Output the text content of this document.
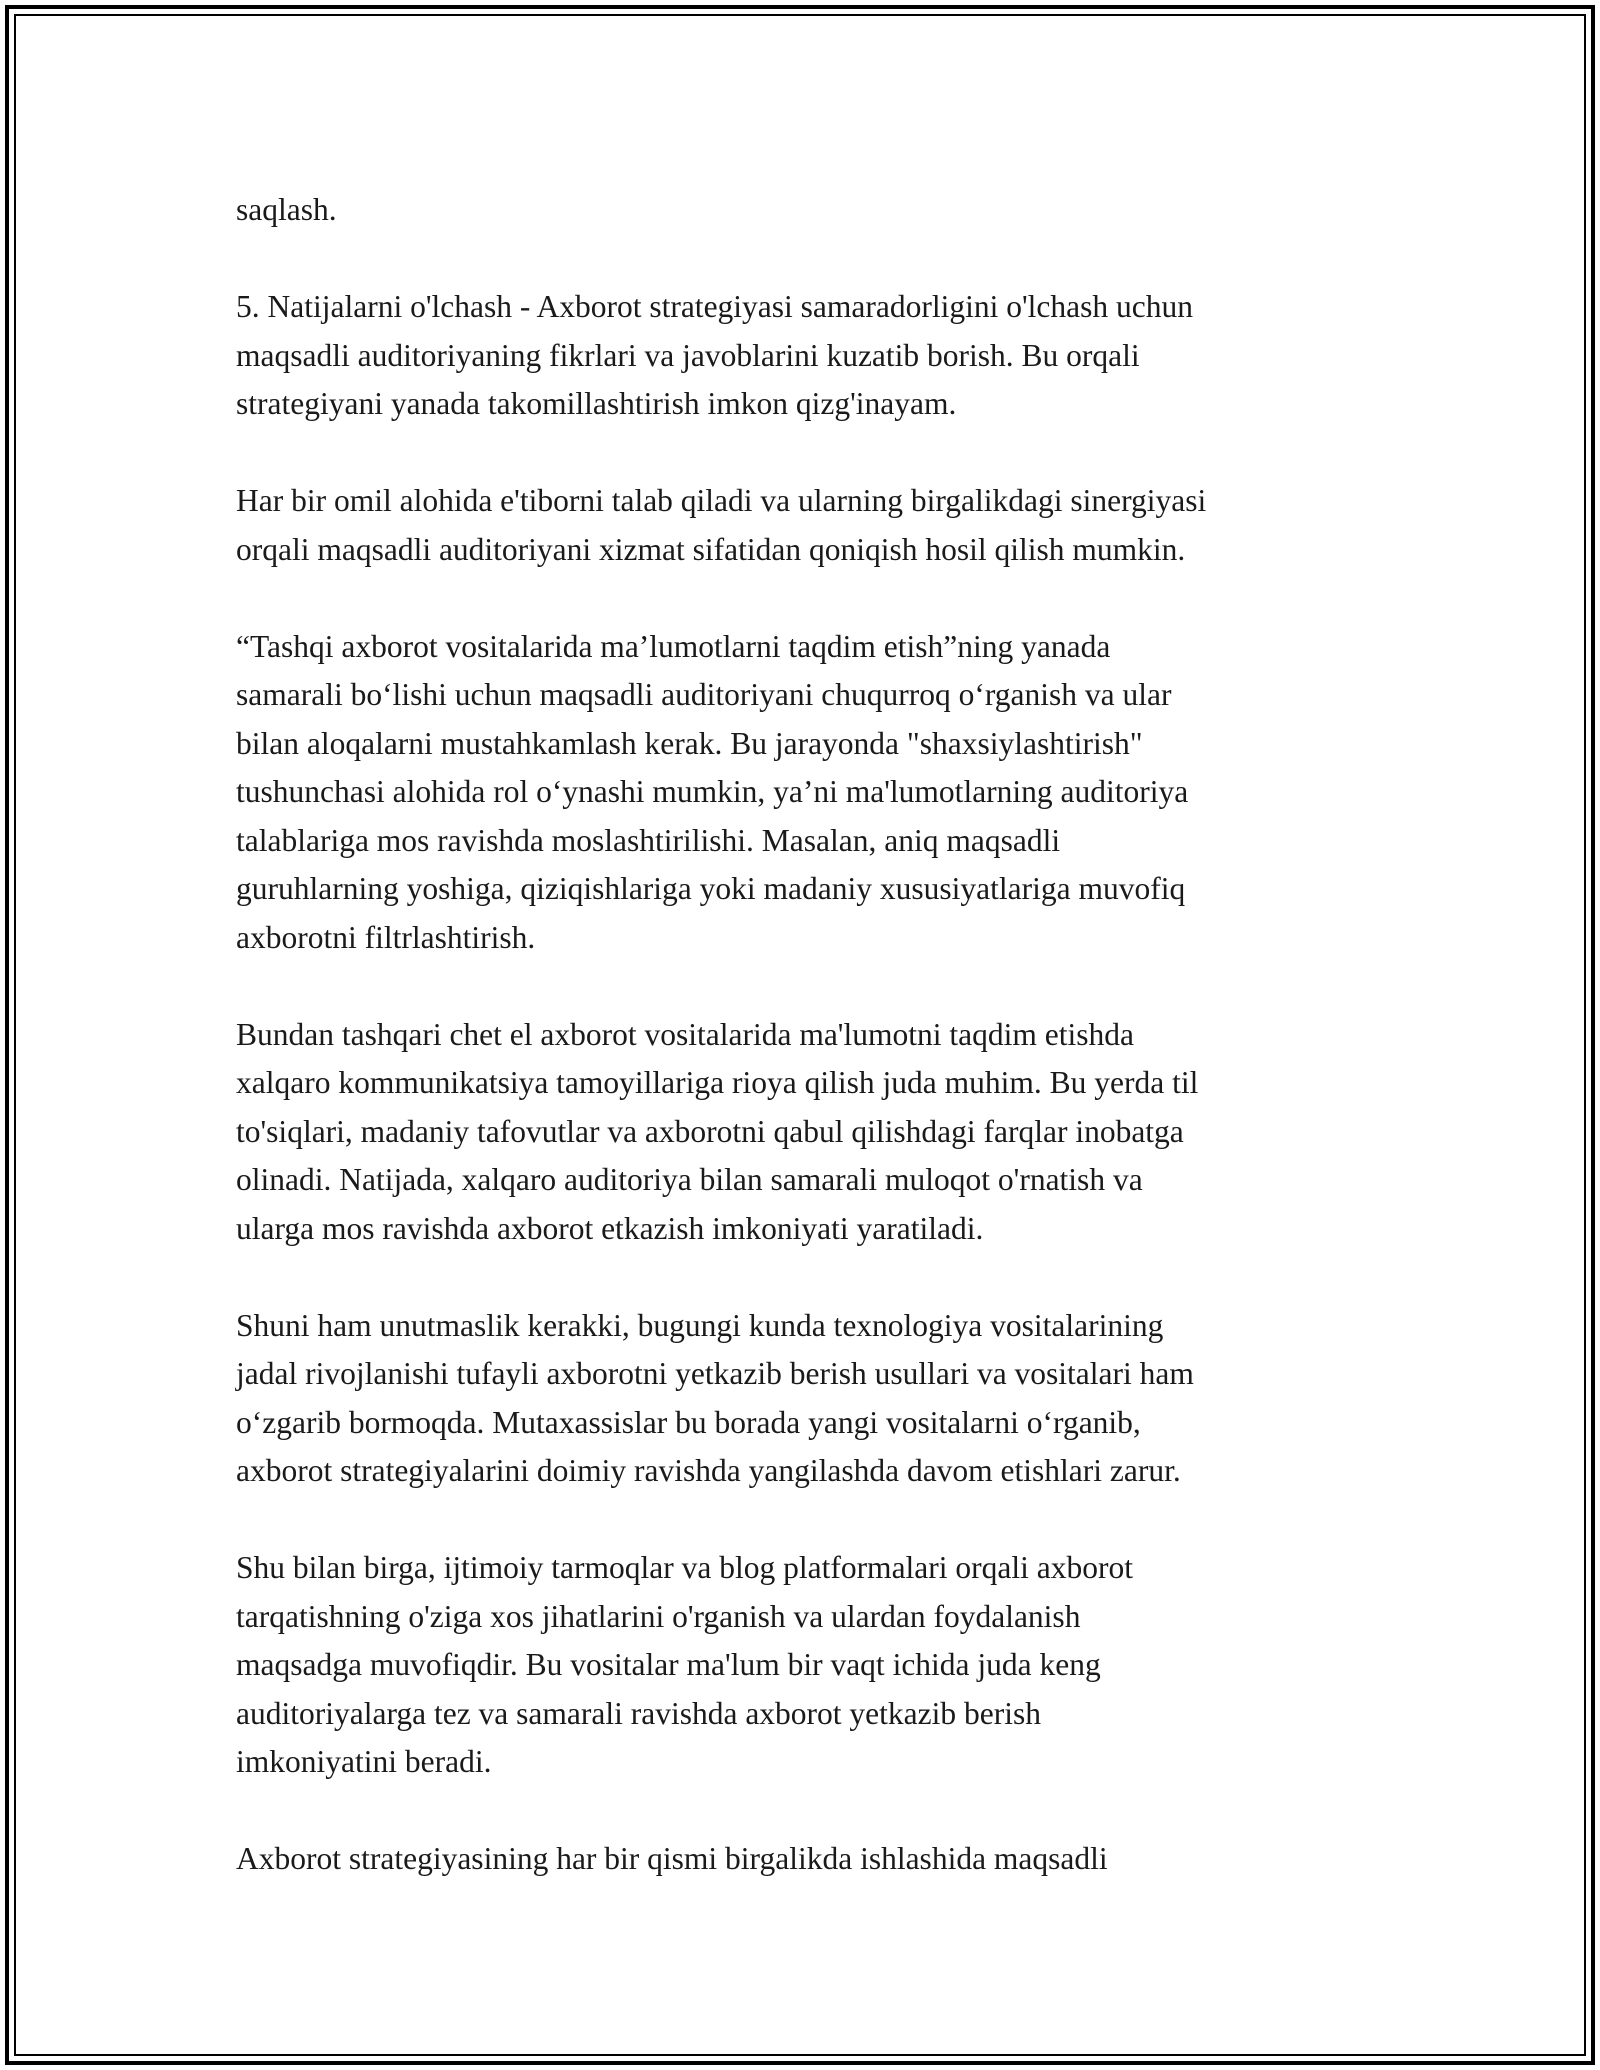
saqlash.

5. Natijalarni o'lchash - Axborot strategiyasi samaradorligini o'lchash uchun
maqsadli auditoriyaning fikrlari va javoblarini kuzatib borish. Bu orqali
strategiyani yanada takomillashtirish imkon qizg'inayam.

Har bir omil alohida e'tiborni talab qiladi va ularning birgalikdagi sinergiyasi
orqali maqsadli auditoriyani xizmat sifatidan qoniqish hosil qilish mumkin.

“Tashqi axborot vositalarida ma’lumotlarni taqdim etish”ning yanada
samarali bo‘lishi uchun maqsadli auditoriyani chuqurroq o‘rganish va ular
bilan aloqalarni mustahkamlash kerak. Bu jarayonda "shaxsiylashtirish"
tushunchasi alohida rol o‘ynashi mumkin, ya’ni ma'lumotlarning auditoriya
talablariga mos ravishda moslashtirilishi. Masalan, aniq maqsadli
guruhlarning yoshiga, qiziqishlariga yoki madaniy xususiyatlariga muvofiq
axborotni filtrlashtirish.

Bundan tashqari chet el axborot vositalarida ma'lumotni taqdim etishda
xalqaro kommunikatsiya tamoyillariga rioya qilish juda muhim. Bu yerda til
to'siqlari, madaniy tafovutlar va axborotni qabul qilishdagi farqlar inobatga
olinadi. Natijada, xalqaro auditoriya bilan samarali muloqot o'rnatish va
ularga mos ravishda axborot etkazish imkoniyati yaratiladi.

Shuni ham unutmaslik kerakki, bugungi kunda texnologiya vositalarining
jadal rivojlanishi tufayli axborotni yetkazib berish usullari va vositalari ham
o‘zgarib bormoqda. Mutaxassislar bu borada yangi vositalarni o‘rganib,
axborot strategiyalarini doimiy ravishda yangilashda davom etishlari zarur.

Shu bilan birga, ijtimoiy tarmoqlar va blog platformalari orqali axborot
tarqatishning o'ziga xos jihatlarini o'rganish va ulardan foydalanish
maqsadga muvofiqdir. Bu vositalar ma'lum bir vaqt ichida juda keng
auditoriyalarga tez va samarali ravishda axborot yetkazib berish
imkoniyatini beradi.

Axborot strategiyasining har bir qismi birgalikda ishlashida maqsadli
